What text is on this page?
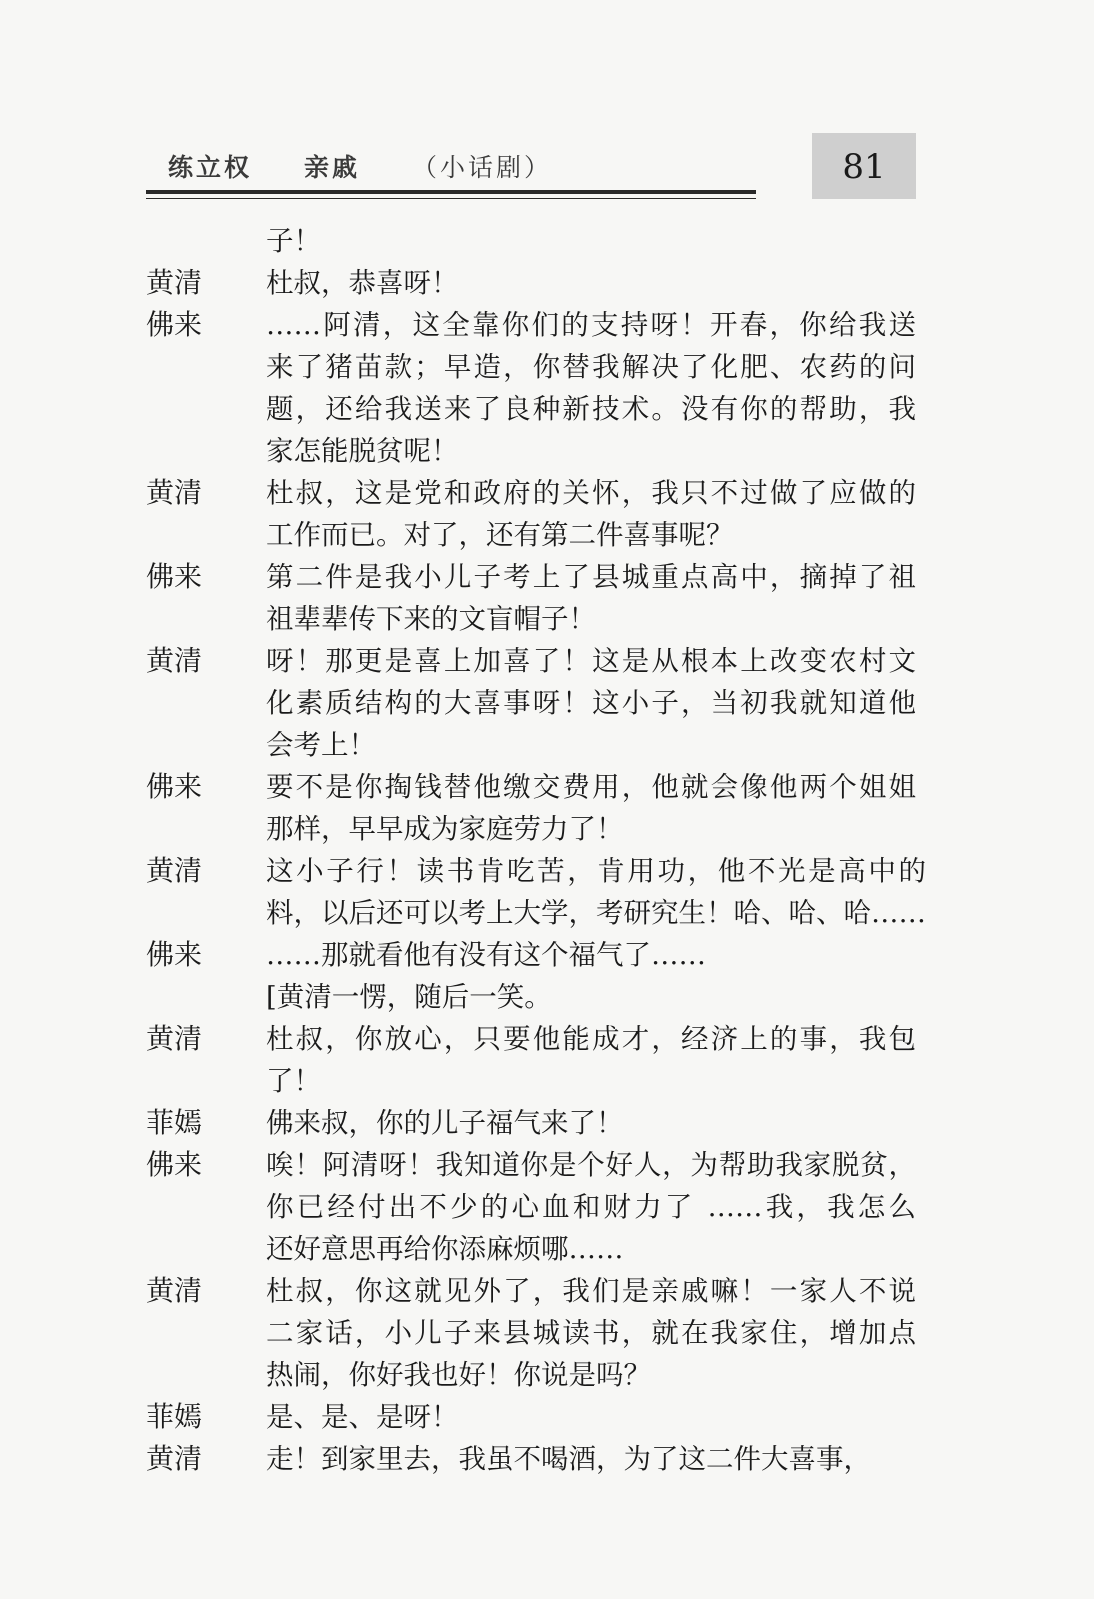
练立权 亲戚 （小话剧）	81
子！
黄清	杜叔，恭喜呀！
佛来	……阿清，这全靠你们的支持呀！开春，你给我送
来了猪苗款；早造，你替我解决了化肥、农药的问
题，还给我送来了良种新技术。没有你的帮助，我
家怎能脱贫呢！
黄清	杜叔，这是党和政府的关怀，我只不过做了应做的
工作而已。对了，还有第二件喜事呢？
佛来	第二件是我小儿子考上了县城重点高中，摘掉了祖
祖辈辈传下来的文盲帽子！
黄清	呀！那更是喜上加喜了！这是从根本上改变农村文
化素质结构的大喜事呀！这小子，当初我就知道他
会考上！
佛来	要不是你掏钱替他缴交费用，他就会像他两个姐姐
那样，早早成为家庭劳力了！
黄清	这小子行！读书肯吃苦，肯用功，他不光是高中的
料，以后还可以考上大学，考研究生！哈、哈、哈……
佛来	……那就看他有没有这个福气了……
[黄清一愣，随后一笑。
黄清	杜叔，你放心，只要他能成才，经济上的事，我包
了！
菲嫣	佛来叔，你的儿子福气来了！
佛来	唉！阿清呀！我知道你是个好人，为帮助我家脱贫，
你已经付出不少的心血和财力了 ……我，我怎么
还好意思再给你添麻烦哪……
黄清	杜叔，你这就见外了，我们是亲戚嘛！一家人不说
二家话，小儿子来县城读书，就在我家住，增加点
热闹，你好我也好！你说是吗？
菲嫣	是、是、是呀！
黄清	走！到家里去，我虽不喝酒，为了这二件大喜事，
